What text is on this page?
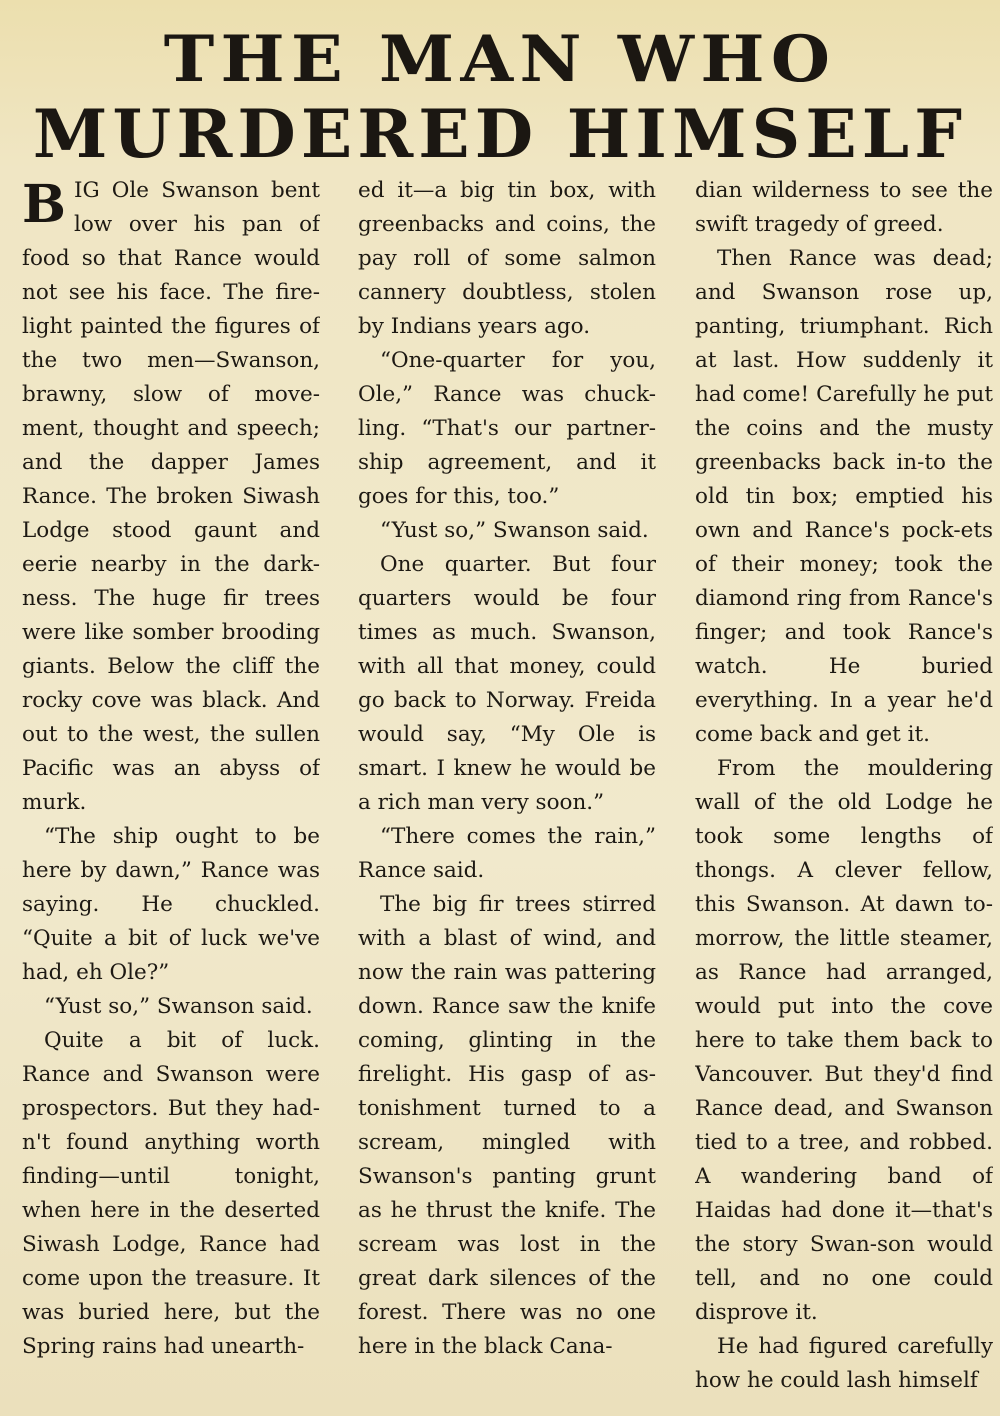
THE MAN WHO
MURDERED HIMSELF

BIG Ole Swanson bent low over his pan of food so that Rance would not see his face. The fire-light painted the figures of the two men—Swanson, brawny, slow of move-ment, thought and speech; and the dapper James Rance. The broken Siwash Lodge stood gaunt and eerie nearby in the dark-ness. The huge fir trees were like somber brooding giants. Below the cliff the rocky cove was black. And out to the west, the sullen Pacific was an abyss of murk.

“The ship ought to be here by dawn,” Rance was saying. He chuckled. “Quite a bit of luck we've had, eh Ole?”

“Yust so,” Swanson said.

Quite a bit of luck. Rance and Swanson were prospectors. But they had-n't found anything worth finding—until tonight, when here in the deserted Siwash Lodge, Rance had come upon the treasure. It was buried here, but the Spring rains had unearth-

ed it—a big tin box, with greenbacks and coins, the pay roll of some salmon cannery doubtless, stolen by Indians years ago.

“One-quarter for you, Ole,” Rance was chuck-ling. “That's our partner-ship agreement, and it goes for this, too.”

“Yust so,” Swanson said.

One quarter. But four quarters would be four times as much. Swanson, with all that money, could go back to Norway. Freida would say, “My Ole is smart. I knew he would be a rich man very soon.”

“There comes the rain,” Rance said.

The big fir trees stirred with a blast of wind, and now the rain was pattering down. Rance saw the knife coming, glinting in the firelight. His gasp of as-tonishment turned to a scream, mingled with Swanson's panting grunt as he thrust the knife. The scream was lost in the great dark silences of the forest. There was no one here in the black Cana-

dian wilderness to see the swift tragedy of greed.

Then Rance was dead; and Swanson rose up, panting, triumphant. Rich at last. How suddenly it had come! Carefully he put the coins and the musty greenbacks back in-to the old tin box; emptied his own and Rance's pock-ets of their money; took the diamond ring from Rance's finger; and took Rance's watch. He buried everything. In a year he'd come back and get it.

From the mouldering wall of the old Lodge he took some lengths of thongs. A clever fellow, this Swanson. At dawn to-morrow, the little steamer, as Rance had arranged, would put into the cove here to take them back to Vancouver. But they'd find Rance dead, and Swanson tied to a tree, and robbed. A wandering band of Haidas had done it—that's the story Swan-son would tell, and no one could disprove it.

He had figured carefully how he could lash himself
